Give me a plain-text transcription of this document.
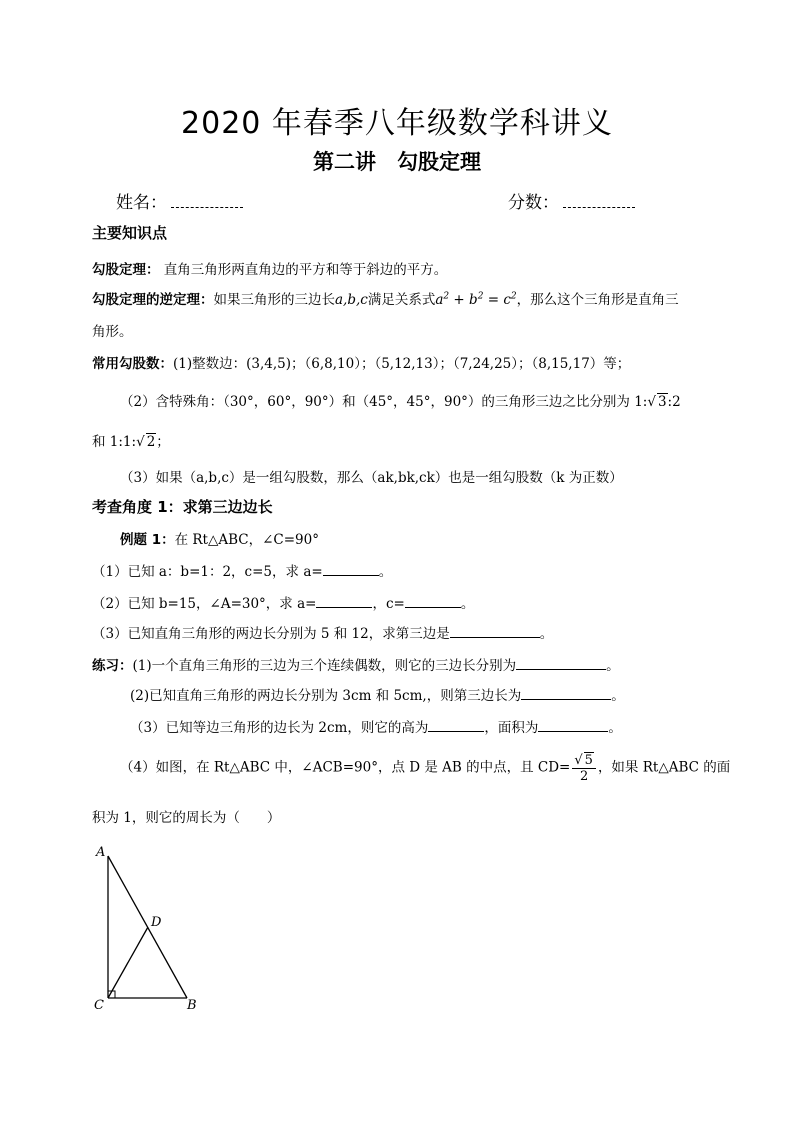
2020 年春季八年级数学科讲义
第二讲　勾股定理
姓名：	分数：
主要知识点
勾股定理： 直角三角形两直角边的平方和等于斜边的平方。
勾股定理的逆定理：如果三角形的三边长a,b,c满足关系式$a^2 + b^2 = c^2$，那么这个三角形是直角三
角形。
常用勾股数：(1)整数边：(3,4,5)；（6,8,10）；（5,12,13）；（7,24,25）；（8,15,17）等；
（2）含特殊角：（30°，60°，90°）和（45°，45°，90°）的三角形三边之比分别为 1:√ 3:2
和 1:1:√ 2；
（3）如果（a,b,c）是一组勾股数，那么（ak,bk,ck）也是一组勾股数（k 为正数）
考查角度 1：求第三边边长
例题 1：在 Rt△ABC，∠C=90°
（1）已知 a：b=1：2，c=5，求 a=	。
（2）已知 b=15，∠A=30°，求 a=	，c=	。
（3）已知直角三角形的两边长分别为 5 和 12，求第三边是	。
练习：(1)一个直角三角形的三边为三个连续偶数，则它的三边长分别为	。
(2)已知直角三角形的两边长分别为 3cm 和 5cm,，则第三边长为	。
（3）已知等边三角形的边长为 2cm，则它的高为	，面积为	。
（4）如图，在 Rt△ABC 中，∠ACB=90°，点 D 是 AB 的中点，且 $CD= \frac{√ 5}{2}$ ，如果 Rt△ABC 的面
积为 1，则它的周长为（　　）
A
D
C	B
